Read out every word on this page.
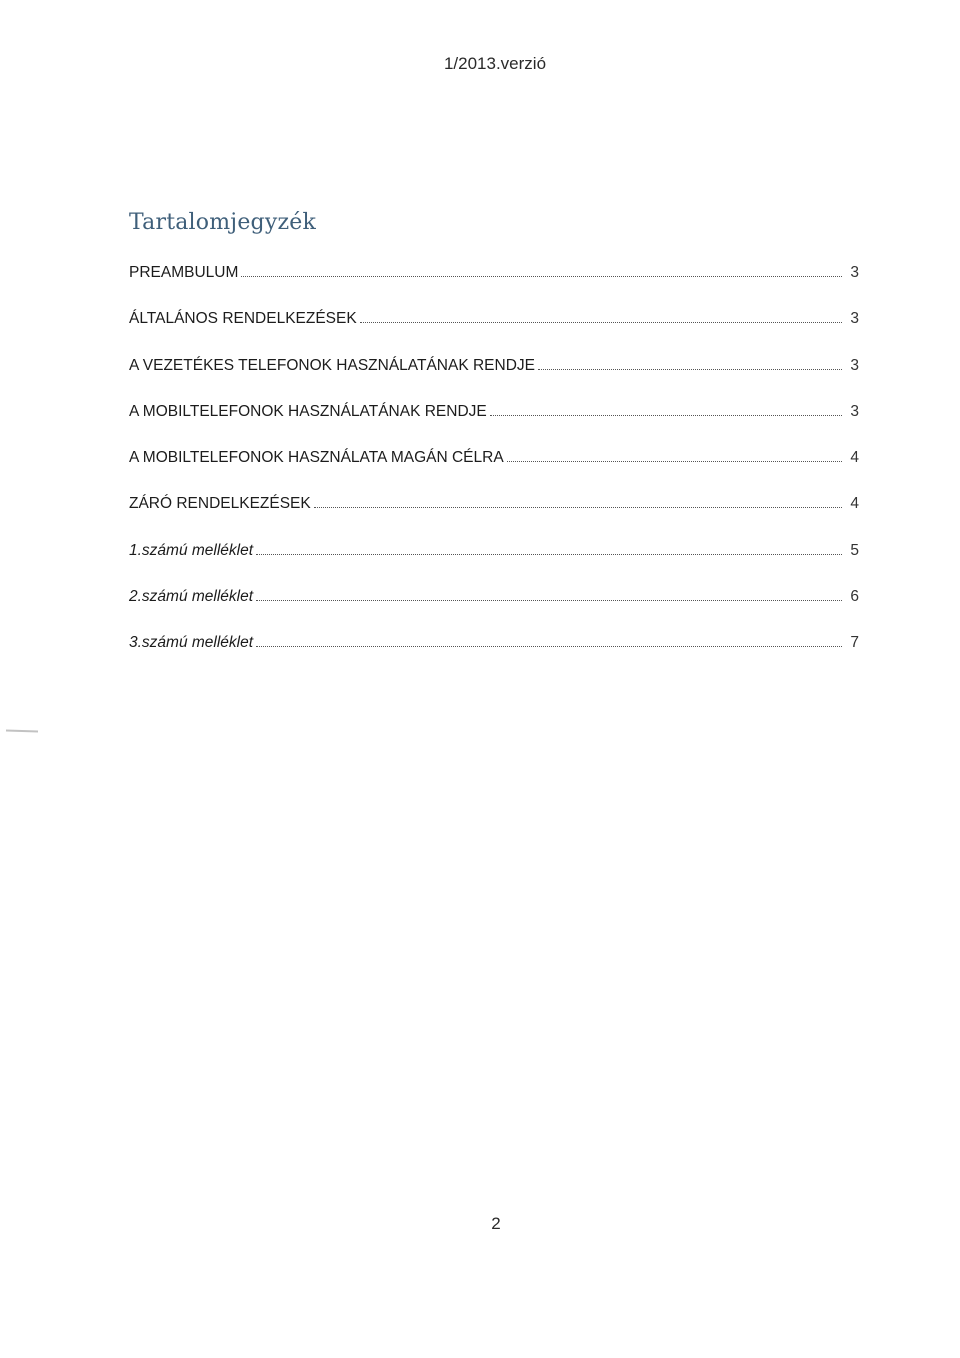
1/2013.verzió
Tartalomjegyzék
PREAMBULUM	3
ÁLTALÁNOS RENDELKEZÉSEK	3
A VEZETÉKES TELEFONOK HASZNÁLATÁNAK RENDJE	3
A MOBILTELEFONOK HASZNÁLATÁNAK RENDJE	3
A MOBILTELEFONOK HASZNÁLATA MAGÁN CÉLRA	4
ZÁRÓ RENDELKEZÉSEK	4
1.számú melléklet	5
2.számú melléklet	6
3.számú melléklet	7
2
